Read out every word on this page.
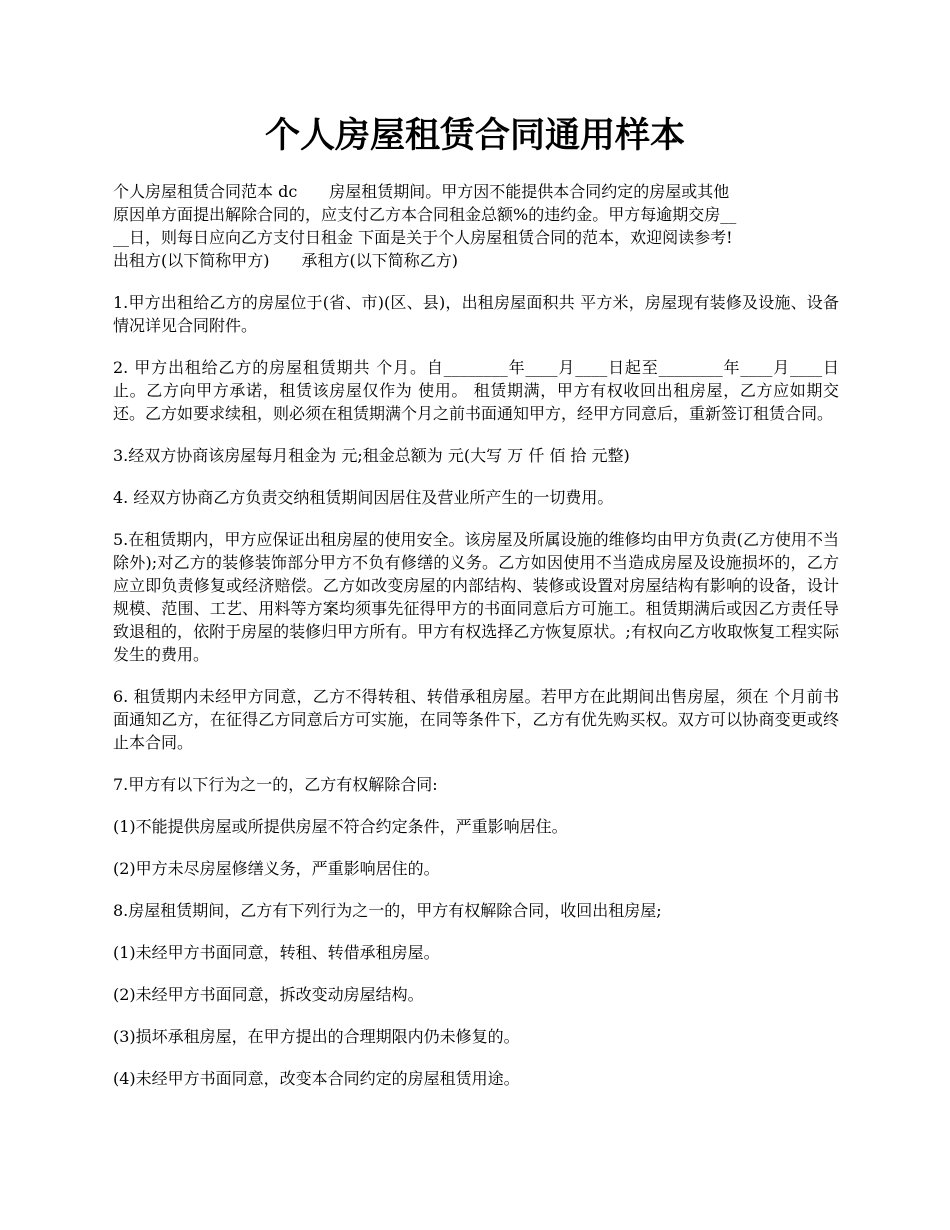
个人房屋租赁合同通用样本

个人房屋租赁合同范本 dc　　房屋租赁期间。甲方因不能提供本合同约定的房屋或其他
原因单方面提出解除合同的，应支付乙方本合同租金总额%的违约金。甲方每逾期交房__
__日，则每日应向乙方支付日租金 下面是关于个人房屋租赁合同的范本，欢迎阅读参考!
出租方(以下简称甲方)　　承租方(以下简称乙方)

1.甲方出租给乙方的房屋位于(省、市)(区、县)，出租房屋面积共 平方米，房屋现有装修及设施、设备情况详见合同附件。

2. 甲方出租给乙方的房屋租赁期共 个月。自________年____月____日起至________年____月____日止。乙方向甲方承诺，租赁该房屋仅作为 使用。 租赁期满，甲方有权收回出租房屋，乙方应如期交还。乙方如要求续租，则必须在租赁期满个月之前书面通知甲方，经甲方同意后，重新签订租赁合同。

3.经双方协商该房屋每月租金为 元;租金总额为 元(大写 万 仟 佰 拾 元整)

4. 经双方协商乙方负责交纳租赁期间因居住及营业所产生的一切费用。

5.在租赁期内，甲方应保证出租房屋的使用安全。该房屋及所属设施的维修均由甲方负责(乙方使用不当除外);对乙方的装修装饰部分甲方不负有修缮的义务。乙方如因使用不当造成房屋及设施损坏的，乙方应立即负责修复或经济赔偿。乙方如改变房屋的内部结构、装修或设置对房屋结构有影响的设备，设计规模、范围、工艺、用料等方案均须事先征得甲方的书面同意后方可施工。租赁期满后或因乙方责任导致退租的，依附于房屋的装修归甲方所有。甲方有权选择乙方恢复原状。;有权向乙方收取恢复工程实际发生的费用。

6. 租赁期内未经甲方同意，乙方不得转租、转借承租房屋。若甲方在此期间出售房屋，须在 个月前书面通知乙方，在征得乙方同意后方可实施，在同等条件下，乙方有优先购买权。双方可以协商变更或终止本合同。

7.甲方有以下行为之一的，乙方有权解除合同:

(1)不能提供房屋或所提供房屋不符合约定条件，严重影响居住。

(2)甲方未尽房屋修缮义务，严重影响居住的。

8.房屋租赁期间，乙方有下列行为之一的，甲方有权解除合同，收回出租房屋;

(1)未经甲方书面同意，转租、转借承租房屋。

(2)未经甲方书面同意，拆改变动房屋结构。

(3)损坏承租房屋，在甲方提出的合理期限内仍未修复的。

(4)未经甲方书面同意，改变本合同约定的房屋租赁用途。
